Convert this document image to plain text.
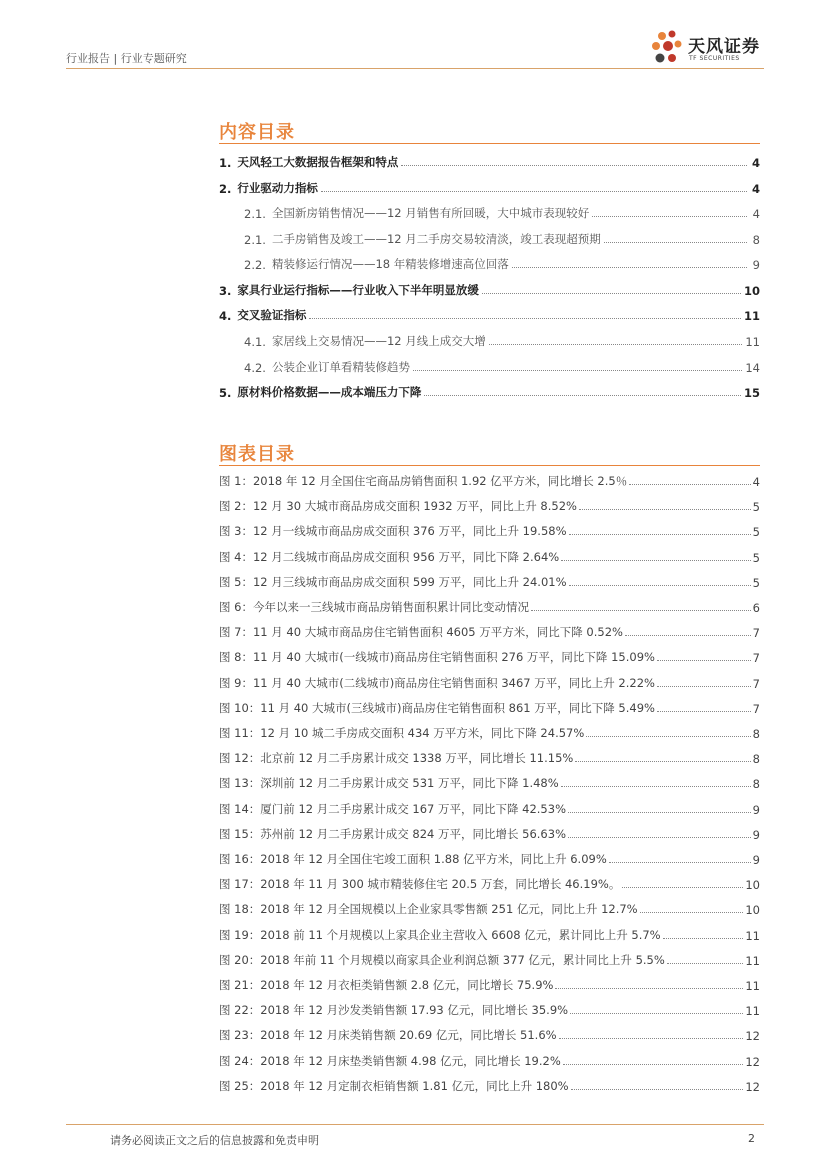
行业报告 | 行业专题研究
天风证券
TF SECURITIES
内容目录
1. 天风轻工大数据报告框架和特点	4
2. 行业驱动力指标	4
2.1. 全国新房销售情况——12 月销售有所回暖，大中城市表现较好	4
2.1. 二手房销售及竣工——12 月二手房交易较清淡，竣工表现超预期	8
2.2. 精装修运行情况——18 年精装修增速高位回落	9
3. 家具行业运行指标——行业收入下半年明显放缓	10
4. 交叉验证指标	11
4.1. 家居线上交易情况——12 月线上成交大增	11
4.2. 公装企业订单看精装修趋势	14
5. 原材料价格数据——成本端压力下降	15
图表目录
图 1：2018 年 12 月全国住宅商品房销售面积 1.92 亿平方米，同比增长 2.5％	4
图 2：12 月 30 大城市商品房成交面积 1932 万平，同比上升 8.52%	5
图 3：12 月一线城市商品房成交面积 376 万平，同比上升 19.58%	5
图 4：12 月二线城市商品房成交面积 956 万平，同比下降 2.64%	5
图 5：12 月三线城市商品房成交面积 599 万平，同比上升 24.01%	5
图 6：今年以来一三线城市商品房销售面积累计同比变动情况	6
图 7：11 月 40 大城市商品房住宅销售面积 4605 万平方米，同比下降 0.52%	7
图 8：11 月 40 大城市(一线城市)商品房住宅销售面积 276 万平，同比下降 15.09%	7
图 9：11 月 40 大城市(二线城市)商品房住宅销售面积 3467 万平，同比上升 2.22%	7
图 10：11 月 40 大城市(三线城市)商品房住宅销售面积 861 万平，同比下降 5.49%	7
图 11：12 月 10 城二手房成交面积 434 万平方米，同比下降 24.57%	8
图 12：北京前 12 月二手房累计成交 1338 万平，同比增长 11.15%	8
图 13：深圳前 12 月二手房累计成交 531 万平，同比下降 1.48%	8
图 14：厦门前 12 月二手房累计成交 167 万平，同比下降 42.53%	9
图 15：苏州前 12 月二手房累计成交 824 万平，同比增长 56.63%	9
图 16：2018 年 12 月全国住宅竣工面积 1.88 亿平方米，同比上升 6.09%	9
图 17：2018 年 11 月 300 城市精装修住宅 20.5 万套，同比增长 46.19%。	10
图 18：2018 年 12 月全国规模以上企业家具零售额 251 亿元，同比上升 12.7%	10
图 19：2018 前 11 个月规模以上家具企业主营收入 6608 亿元，累计同比上升 5.7%	11
图 20：2018 年前 11 个月规模以商家具企业利润总额 377 亿元，累计同比上升 5.5%	11
图 21：2018 年 12 月衣柜类销售额 2.8 亿元，同比增长 75.9%	11
图 22：2018 年 12 月沙发类销售额 17.93 亿元，同比增长 35.9%	11
图 23：2018 年 12 月床类销售额 20.69 亿元，同比增长 51.6%	12
图 24：2018 年 12 月床垫类销售额 4.98 亿元，同比增长 19.2%	12
图 25：2018 年 12 月定制衣柜销售额 1.81 亿元，同比上升 180%	12
请务必阅读正文之后的信息披露和免责申明	2
